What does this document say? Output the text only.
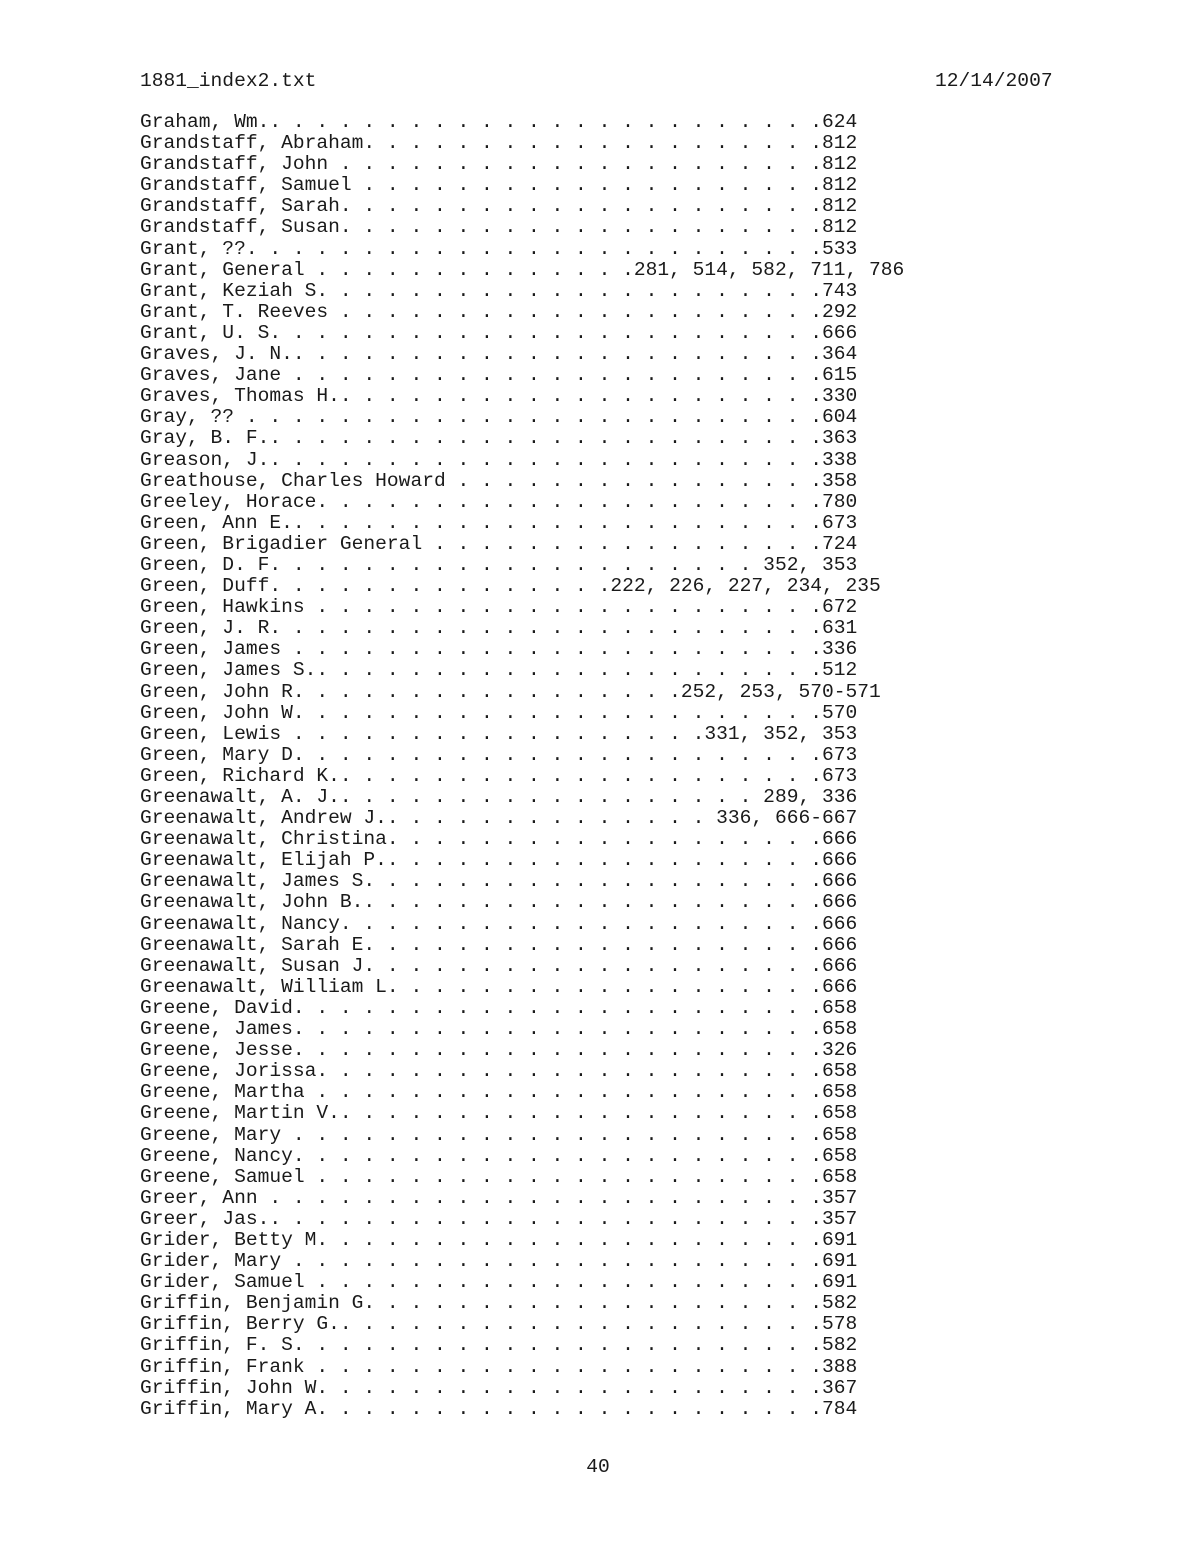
1881_index2.txt	12/14/2007
Graham, Wm.. . . . . . . . . . . . . . . . . . . . . . . .624
Grandstaff, Abraham. . . . . . . . . . . . . . . . . . . .812
Grandstaff, John . . . . . . . . . . . . . . . . . . . . .812
Grandstaff, Samuel . . . . . . . . . . . . . . . . . . . .812
Grandstaff, Sarah. . . . . . . . . . . . . . . . . . . . .812
Grandstaff, Susan. . . . . . . . . . . . . . . . . . . . .812
Grant, ??. . . . . . . . . . . . . . . . . . . . . . . . .533
Grant, General . . . . . . . . . . . . . .281, 514, 582, 711, 786
Grant, Keziah S. . . . . . . . . . . . . . . . . . . . . .743
Grant, T. Reeves . . . . . . . . . . . . . . . . . . . . .292
Grant, U. S. . . . . . . . . . . . . . . . . . . . . . . .666
Graves, J. N.. . . . . . . . . . . . . . . . . . . . . . .364
Graves, Jane . . . . . . . . . . . . . . . . . . . . . . .615
Graves, Thomas H.. . . . . . . . . . . . . . . . . . . . .330
Gray, ?? . . . . . . . . . . . . . . . . . . . . . . . . .604
Gray, B. F.. . . . . . . . . . . . . . . . . . . . . . . .363
Greason, J.. . . . . . . . . . . . . . . . . . . . . . . .338
Greathouse, Charles Howard . . . . . . . . . . . . . . . .358
Greeley, Horace. . . . . . . . . . . . . . . . . . . . . .780
Green, Ann E.. . . . . . . . . . . . . . . . . . . . . . .673
Green, Brigadier General . . . . . . . . . . . . . . . . .724
Green, D. F. . . . . . . . . . . . . . . . . . . . . 352, 353
Green, Duff. . . . . . . . . . . . . . .222, 226, 227, 234, 235
Green, Hawkins . . . . . . . . . . . . . . . . . . . . . .672
Green, J. R. . . . . . . . . . . . . . . . . . . . . . . .631
Green, James . . . . . . . . . . . . . . . . . . . . . . .336
Green, James S.. . . . . . . . . . . . . . . . . . . . . .512
Green, John R. . . . . . . . . . . . . . . . .252, 253, 570-571
Green, John W. . . . . . . . . . . . . . . . . . . . . . .570
Green, Lewis . . . . . . . . . . . . . . . . . .331, 352, 353
Green, Mary D. . . . . . . . . . . . . . . . . . . . . . .673
Green, Richard K.. . . . . . . . . . . . . . . . . . . . .673
Greenawalt, A. J.. . . . . . . . . . . . . . . . . . 289, 336
Greenawalt, Andrew J.. . . . . . . . . . . . . . 336, 666-667
Greenawalt, Christina. . . . . . . . . . . . . . . . . . .666
Greenawalt, Elijah P.. . . . . . . . . . . . . . . . . . .666
Greenawalt, James S. . . . . . . . . . . . . . . . . . . .666
Greenawalt, John B.. . . . . . . . . . . . . . . . . . . .666
Greenawalt, Nancy. . . . . . . . . . . . . . . . . . . . .666
Greenawalt, Sarah E. . . . . . . . . . . . . . . . . . . .666
Greenawalt, Susan J. . . . . . . . . . . . . . . . . . . .666
Greenawalt, William L. . . . . . . . . . . . . . . . . . .666
Greene, David. . . . . . . . . . . . . . . . . . . . . . .658
Greene, James. . . . . . . . . . . . . . . . . . . . . . .658
Greene, Jesse. . . . . . . . . . . . . . . . . . . . . . .326
Greene, Jorissa. . . . . . . . . . . . . . . . . . . . . .658
Greene, Martha . . . . . . . . . . . . . . . . . . . . . .658
Greene, Martin V.. . . . . . . . . . . . . . . . . . . . .658
Greene, Mary . . . . . . . . . . . . . . . . . . . . . . .658
Greene, Nancy. . . . . . . . . . . . . . . . . . . . . . .658
Greene, Samuel . . . . . . . . . . . . . . . . . . . . . .658
Greer, Ann . . . . . . . . . . . . . . . . . . . . . . . .357
Greer, Jas.. . . . . . . . . . . . . . . . . . . . . . . .357
Grider, Betty M. . . . . . . . . . . . . . . . . . . . . .691
Grider, Mary . . . . . . . . . . . . . . . . . . . . . . .691
Grider, Samuel . . . . . . . . . . . . . . . . . . . . . .691
Griffin, Benjamin G. . . . . . . . . . . . . . . . . . . .582
Griffin, Berry G.. . . . . . . . . . . . . . . . . . . . .578
Griffin, F. S. . . . . . . . . . . . . . . . . . . . . . .582
Griffin, Frank . . . . . . . . . . . . . . . . . . . . . .388
Griffin, John W. . . . . . . . . . . . . . . . . . . . . .367
Griffin, Mary A. . . . . . . . . . . . . . . . . . . . . .784
40
